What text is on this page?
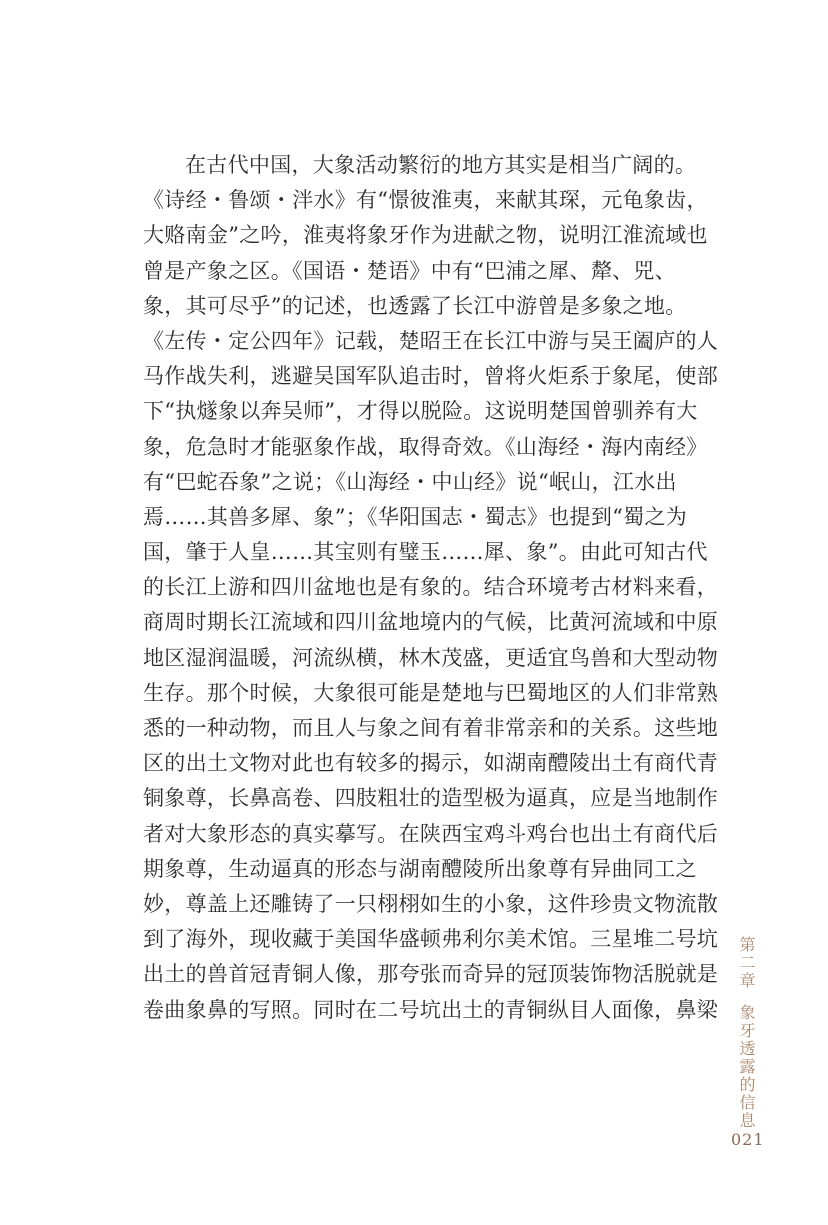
在古代中国，大象活动繁衍的地方其实是相当广阔的。
《诗经・鲁颂・泮水》有“憬彼淮夷，来献其琛，元龟象齿，
大赂南金”之吟，淮夷将象牙作为进献之物，说明江淮流域也
曾是产象之区。《国语・楚语》中有“巴浦之犀、犛、兕、
象，其可尽乎”的记述，也透露了长江中游曾是多象之地。
《左传・定公四年》记载，楚昭王在长江中游与吴王阖庐的人
马作战失利，逃避吴国军队追击时，曾将火炬系于象尾，使部
下“执燧象以奔吴师”，才得以脱险。这说明楚国曾驯养有大
象，危急时才能驱象作战，取得奇效。《山海经・海内南经》
有“巴蛇吞象”之说；《山海经・中山经》说“岷山，江水出
焉……其兽多犀、象”；《华阳国志・蜀志》也提到“蜀之为
国，肇于人皇……其宝则有璧玉……犀、象”。由此可知古代
的长江上游和四川盆地也是有象的。结合环境考古材料来看，
商周时期长江流域和四川盆地境内的气候，比黄河流域和中原
地区湿润温暖，河流纵横，林木茂盛，更适宜鸟兽和大型动物
生存。那个时候，大象很可能是楚地与巴蜀地区的人们非常熟
悉的一种动物，而且人与象之间有着非常亲和的关系。这些地
区的出土文物对此也有较多的揭示，如湖南醴陵出土有商代青
铜象尊，长鼻高卷、四肢粗壮的造型极为逼真，应是当地制作
者对大象形态的真实摹写。在陕西宝鸡斗鸡台也出土有商代后
期象尊，生动逼真的形态与湖南醴陵所出象尊有异曲同工之
妙，尊盖上还雕铸了一只栩栩如生的小象，这件珍贵文物流散
到了海外，现收藏于美国华盛顿弗利尔美术馆。三星堆二号坑
出土的兽首冠青铜人像，那夸张而奇异的冠顶装饰物活脱就是
卷曲象鼻的写照。同时在二号坑出土的青铜纵目人面像，鼻梁
第二章象牙透露的信息
021
